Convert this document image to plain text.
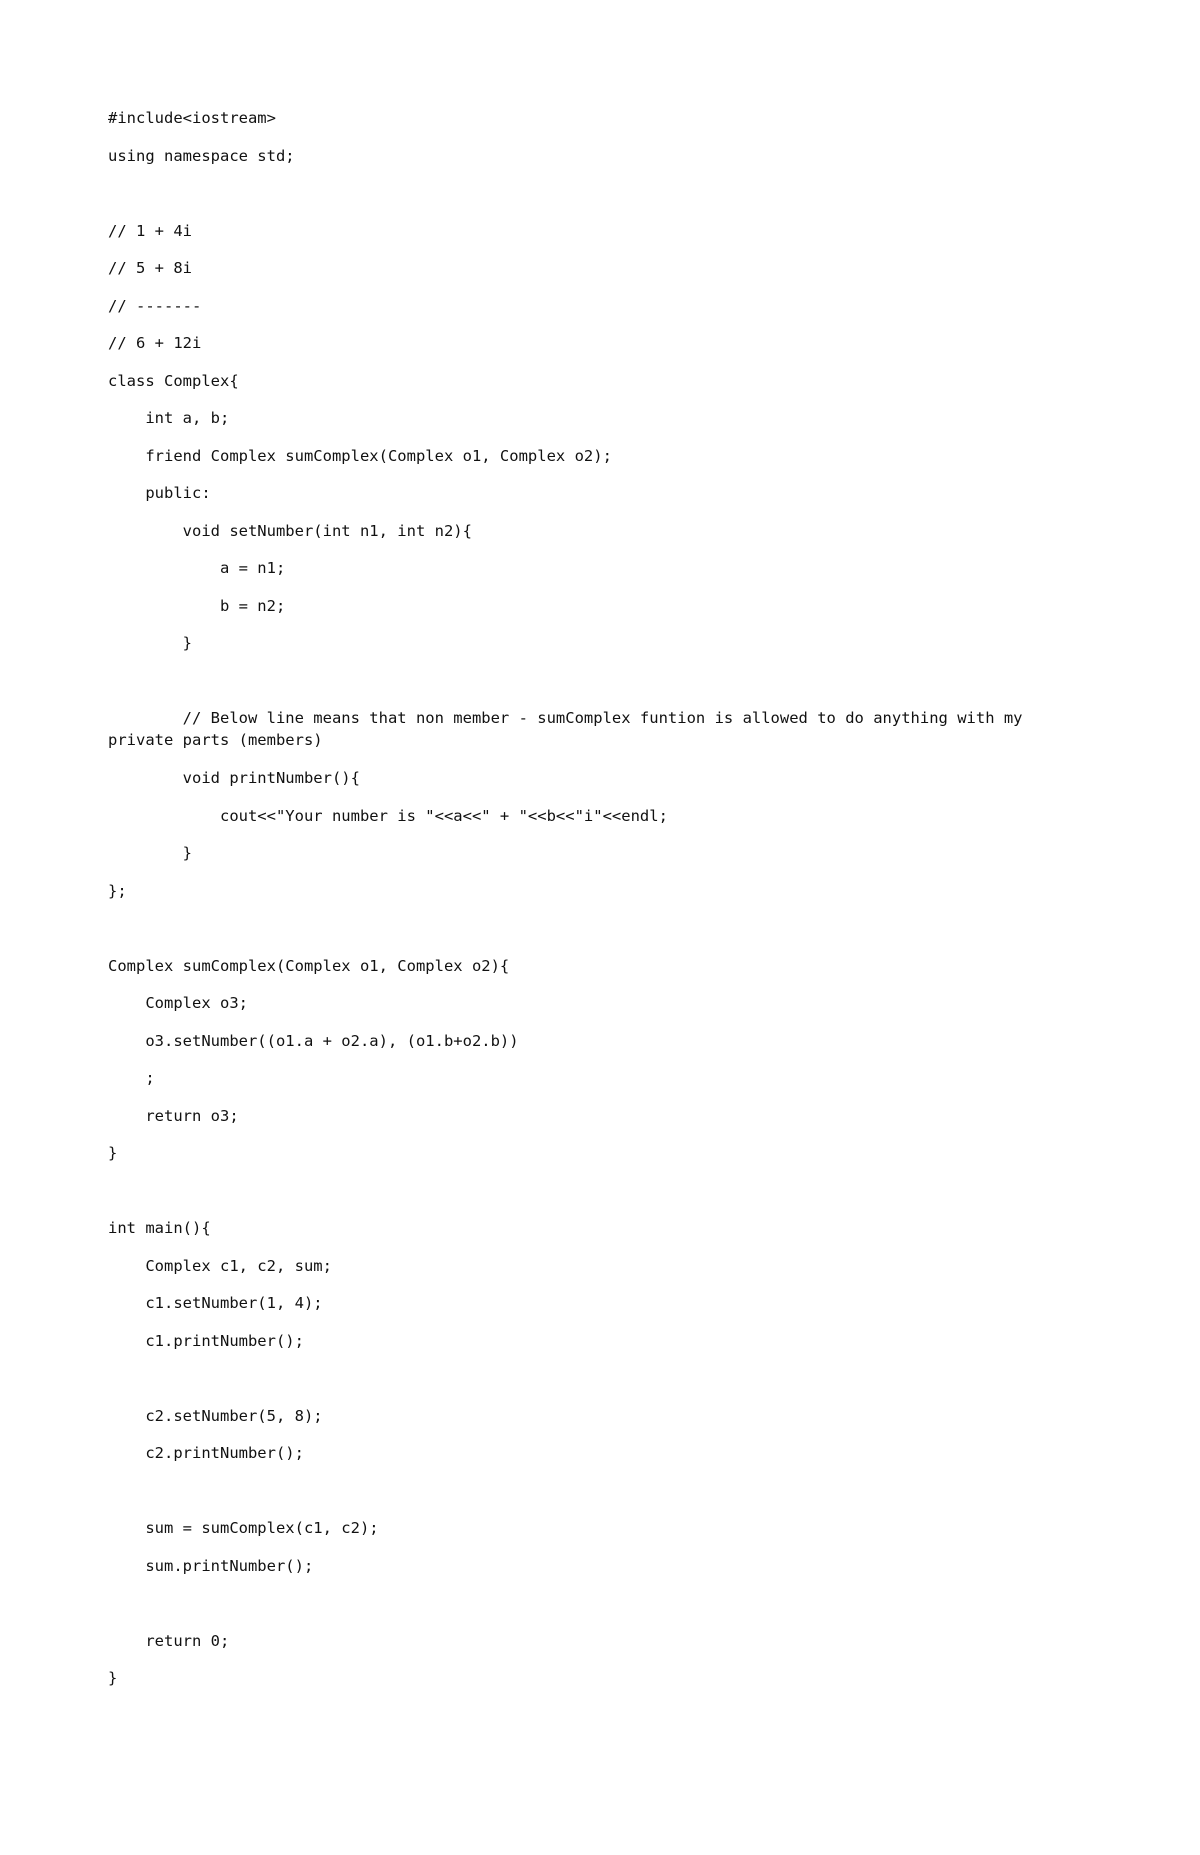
#include<iostream>
using namespace std;
// 1 + 4i
// 5 + 8i
// -------
// 6 + 12i
class Complex{
int a, b;
friend Complex sumComplex(Complex o1, Complex o2);
public:
void setNumber(int n1, int n2){
a = n1;
b = n2;
}
// Below line means that non member - sumComplex funtion is allowed to do anything with my private parts (members)
void printNumber(){
cout<<"Your number is "<<a<<" + "<<b<<"i"<<endl;
}
};
Complex sumComplex(Complex o1, Complex o2){
Complex o3;
o3.setNumber((o1.a + o2.a), (o1.b+o2.b))
;
return o3;
}
int main(){
Complex c1, c2, sum;
c1.setNumber(1, 4);
c1.printNumber();
c2.setNumber(5, 8);
c2.printNumber();
sum = sumComplex(c1, c2);
sum.printNumber();
return 0;
}
